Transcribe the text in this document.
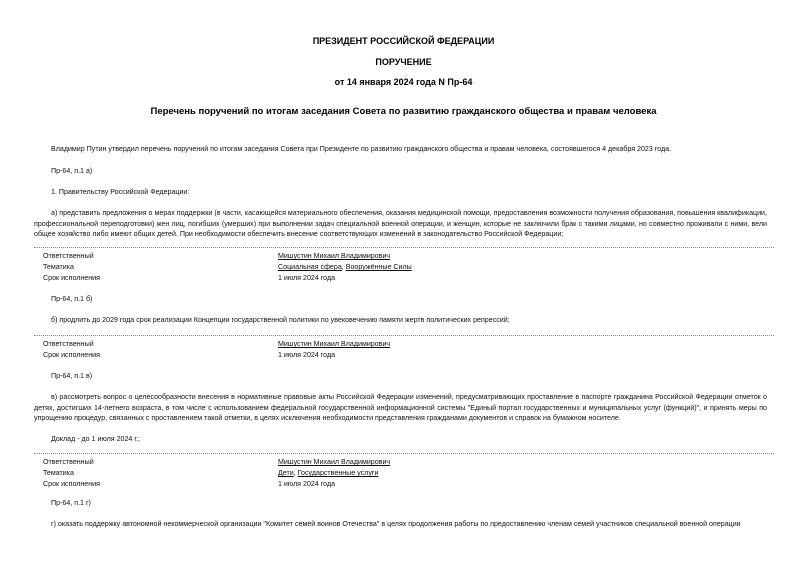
ПРЕЗИДЕНТ РОССИЙСКОЙ ФЕДЕРАЦИИ
ПОРУЧЕНИЕ
от 14 января 2024 года N Пр-64
Перечень поручений по итогам заседания Совета по развитию гражданского общества и правам человека
Владимир Путин утвердил перечень поручений по итогам заседания Совета при Президенте по развитию гражданского общества и правам человека, состоявшегося 4 декабря 2023 года.
Пр-64, п.1 а)
1. Правительству Российской Федерации:
а) представить предложения о мерах поддержки (в части, касающейся материального обеспечения, оказания медицинской помощи, предоставления возможности получения образования, повышения квалификации, профессиональной переподготовки) жен лиц, погибших (умерших) при выполнении задач специальной военной операции, и женщин, которые не заключили брак с такими лицами, но совместно проживали с ними, вели общее хозяйство либо имеют общих детей. При необходимости обеспечить внесение соответствующих изменений в законодательство Российской Федерации;
Ответственный	Мишустин Михаил Владимирович
Тематика	Социальная сфера, Вооружённые Силы
Срок исполнения	1 июля 2024 года
Пр-64, п.1 б)
б) продлить до 2029 года срок реализации Концепции государственной политики по увековечению памяти жертв политических репрессий;
Ответственный	Мишустин Михаил Владимирович
Срок исполнения	1 июля 2024 года
Пр-64, п.1 в)
в) рассмотреть вопрос о целесообразности внесения в нормативные правовые акты Российской Федерации изменений, предусматривающих проставление в паспорте гражданина Российской Федерации отметок о детях, достигших 14-летнего возраста, в том числе с использованием федеральной государственной информационной системы "Единый портал государственных и муниципальных услуг (функций)", и принять меры по упрощению процедур, связанных с проставлением такой отметки, в целях исключения необходимости представления гражданами документов и справок на бумажном носителе.
Доклад - до 1 июля 2024 г.;
Ответственный	Мишустин Михаил Владимирович
Тематика	Дети, Государственные услуги
Срок исполнения	1 июля 2024 года
Пр-64, п.1 г)
г) оказать поддержку автономной некоммерческой организации "Комитет семей воинов Отечества" в целях продолжения работы по предоставлению членам семей участников специальной военной операции
